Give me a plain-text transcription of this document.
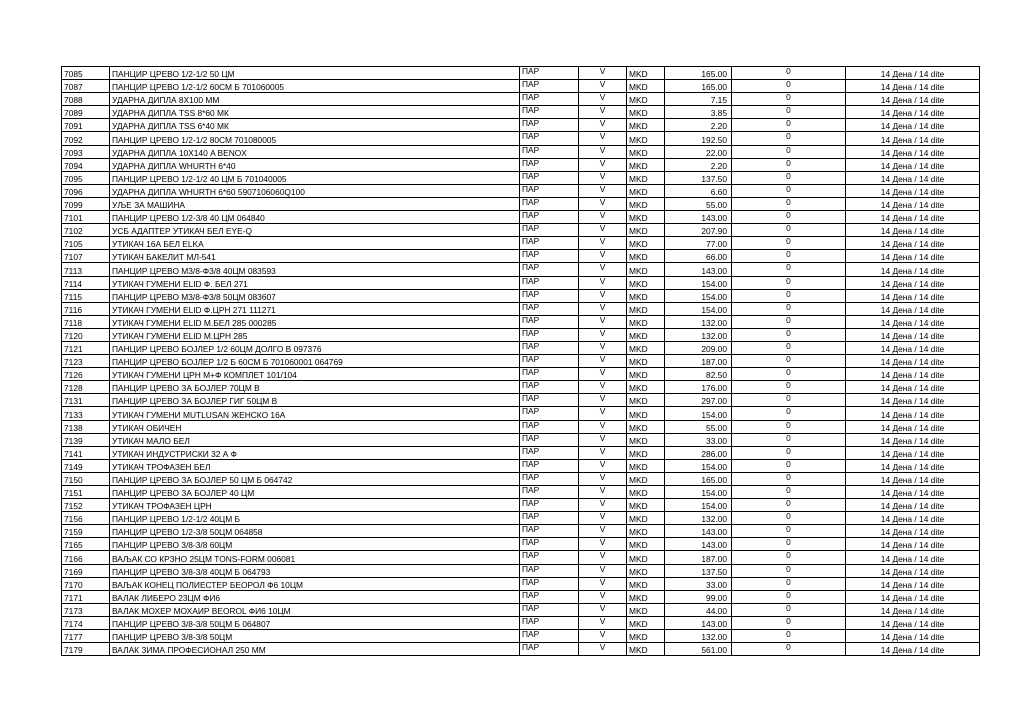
7085	ПАНЦИР ЦРЕВО 1/2-1/2 50 ЦМ	ПАР	V	MKD	165.00	0	14 Дена / 14 dite
7087	ПАНЦИР ЦРЕВО 1/2-1/2 60СМ Б 701060005	ПАР	V	MKD	165.00	0	14 Дена / 14 dite
7088	УДАРНА ДИПЛА 8Х100 ММ	ПАР	V	MKD	7.15	0	14 Дена / 14 dite
7089	УДАРНА ДИПЛА TSS 8*60 МК	ПАР	V	MKD	3.85	0	14 Дена / 14 dite
7091	УДАРНА ДИПЛА TSS 6*40 МК	ПАР	V	MKD	2.20	0	14 Дена / 14 dite
7092	ПАНЦИР ЦРЕВО 1/2-1/2 80СМ 701080005	ПАР	V	MKD	192.50	0	14 Дена / 14 dite
7093	УДАРНА ДИПЛА 10Х140 A BENOX	ПАР	V	MKD	22.00	0	14 Дена / 14 dite
7094	УДАРНА ДИПЛА WHURTH 6*40	ПАР	V	MKD	2.20	0	14 Дена / 14 dite
7095	ПАНЦИР ЦРЕВО 1/2-1/2 40 ЦМ Б 701040005	ПАР	V	MKD	137.50	0	14 Дена / 14 dite
7096	УДАРНА ДИПЛА WHURTH 6*60 5907106060Q100	ПАР	V	MKD	6.60	0	14 Дена / 14 dite
7099	УЉЕ ЗА МАШИНА	ПАР	V	MKD	55.00	0	14 Дена / 14 dite
7101	ПАНЦИР ЦРЕВО 1/2-3/8 40 ЦМ 064840	ПАР	V	MKD	143.00	0	14 Дена / 14 dite
7102	УСБ АДАПТЕР УТИКАЧ БЕЛ EYE-Q	ПАР	V	MKD	207.90	0	14 Дена / 14 dite
7105	УТИКАЧ 16А БЕЛ ELKA	ПАР	V	MKD	77.00	0	14 Дена / 14 dite
7107	УТИКАЧ БАКЕЛИТ МЛ-541	ПАР	V	MKD	66.00	0	14 Дена / 14 dite
7113	ПАНЦИР ЦРЕВО М3/8-Ф3/8 40ЦМ 083593	ПАР	V	MKD	143.00	0	14 Дена / 14 dite
7114	УТИКАЧ ГУМЕНИ ELID Ф. БЕЛ 271	ПАР	V	MKD	154.00	0	14 Дена / 14 dite
7115	ПАНЦИР ЦРЕВО М3/8-Ф3/8 50ЦМ 083607	ПАР	V	MKD	154.00	0	14 Дена / 14 dite
7116	УТИКАЧ ГУМЕНИ ELID Ф.ЦРН 271 111271	ПАР	V	MKD	154.00	0	14 Дена / 14 dite
7118	УТИКАЧ ГУМЕНИ ELID М.БЕЛ 285 000285	ПАР	V	MKD	132.00	0	14 Дена / 14 dite
7120	УТИКАЧ ГУМЕНИ ELID М.ЦРН 285	ПАР	V	MKD	132.00	0	14 Дена / 14 dite
7121	ПАНЦИР ЦРЕВО БОЈЛЕР 1/2 60ЦМ ДОЛГО B 097376	ПАР	V	MKD	209.00	0	14 Дена / 14 dite
7123	ПАНЦИР ЦРЕВО БОЈЛЕР 1/2 Б 60СМ Б 701060001 064769	ПАР	V	MKD	187.00	0	14 Дена / 14 dite
7126	УТИКАЧ ГУМЕНИ ЦРН М+Ф КОМПЛЕТ 101/104	ПАР	V	MKD	82.50	0	14 Дена / 14 dite
7128	ПАНЦИР ЦРЕВО ЗА БОЈЛЕР 70ЦМ B	ПАР	V	MKD	176.00	0	14 Дена / 14 dite
7131	ПАНЦИР ЦРЕВО ЗА БОЈЛЕР ГИГ 50ЦМ B	ПАР	V	MKD	297.00	0	14 Дена / 14 dite
7133	УТИКАЧ ГУМЕНИ MUTLUSAN ЖЕНСКО 16А	ПАР	V	MKD	154.00	0	14 Дена / 14 dite
7138	УТИКАЧ ОБИЧЕН	ПАР	V	MKD	55.00	0	14 Дена / 14 dite
7139	УТИКАЧ МАЛО БЕЛ	ПАР	V	MKD	33.00	0	14 Дена / 14 dite
7141	УТИКАЧ ИНДУСТРИСКИ 32 А Ф	ПАР	V	MKD	286.00	0	14 Дена / 14 dite
7149	УТИКАЧ ТРОФАЗЕН БЕЛ	ПАР	V	MKD	154.00	0	14 Дена / 14 dite
7150	ПАНЦИР ЦРЕВО ЗА БОЈЛЕР 50 ЦМ Б 064742	ПАР	V	MKD	165.00	0	14 Дена / 14 dite
7151	ПАНЦИР ЦРЕВО ЗА БОЈЛЕР 40 ЦМ	ПАР	V	MKD	154.00	0	14 Дена / 14 dite
7152	УТИКАЧ ТРОФАЗЕН ЦРН	ПАР	V	MKD	154.00	0	14 Дена / 14 dite
7156	ПАНЦИР ЦРЕВО 1/2-1/2 40ЦМ Б	ПАР	V	MKD	132.00	0	14 Дена / 14 dite
7159	ПАНЦИР ЦРЕВО 1/2-3/8 50ЦМ 064858	ПАР	V	MKD	143.00	0	14 Дена / 14 dite
7165	ПАНЦИР ЦРЕВО 3/8-3/8 60ЦМ	ПАР	V	MKD	143.00	0	14 Дена / 14 dite
7166	ВАЉАК СО КРЗНО 25ЦМ TONS-FORM 006081	ПАР	V	MKD	187.00	0	14 Дена / 14 dite
7169	ПАНЦИР ЦРЕВО 3/8-3/8 40ЦМ Б 064793	ПАР	V	MKD	137.50	0	14 Дена / 14 dite
7170	ВАЉАК КОНЕЦ ПОЛИЕСТЕР БЕОРОЛ Ф6 10ЦМ	ПАР	V	MKD	33.00	0	14 Дена / 14 dite
7171	ВАЛАК ЛИБЕРО 23ЦМ ФИ6	ПАР	V	MKD	99.00	0	14 Дена / 14 dite
7173	ВАЛАК МОХЕР МОХАИР BEOROL ФИ6 10ЦМ	ПАР	V	MKD	44.00	0	14 Дена / 14 dite
7174	ПАНЦИР ЦРЕВО 3/8-3/8 50ЦМ Б 064807	ПАР	V	MKD	143.00	0	14 Дена / 14 dite
7177	ПАНЦИР ЦРЕВО 3/8-3/8 50ЦМ	ПАР	V	MKD	132.00	0	14 Дена / 14 dite
7179	ВАЛАК ЗИМА ПРОФЕСИОНАЛ 250 ММ	ПАР	V	MKD	561.00	0	14 Дена / 14 dite
